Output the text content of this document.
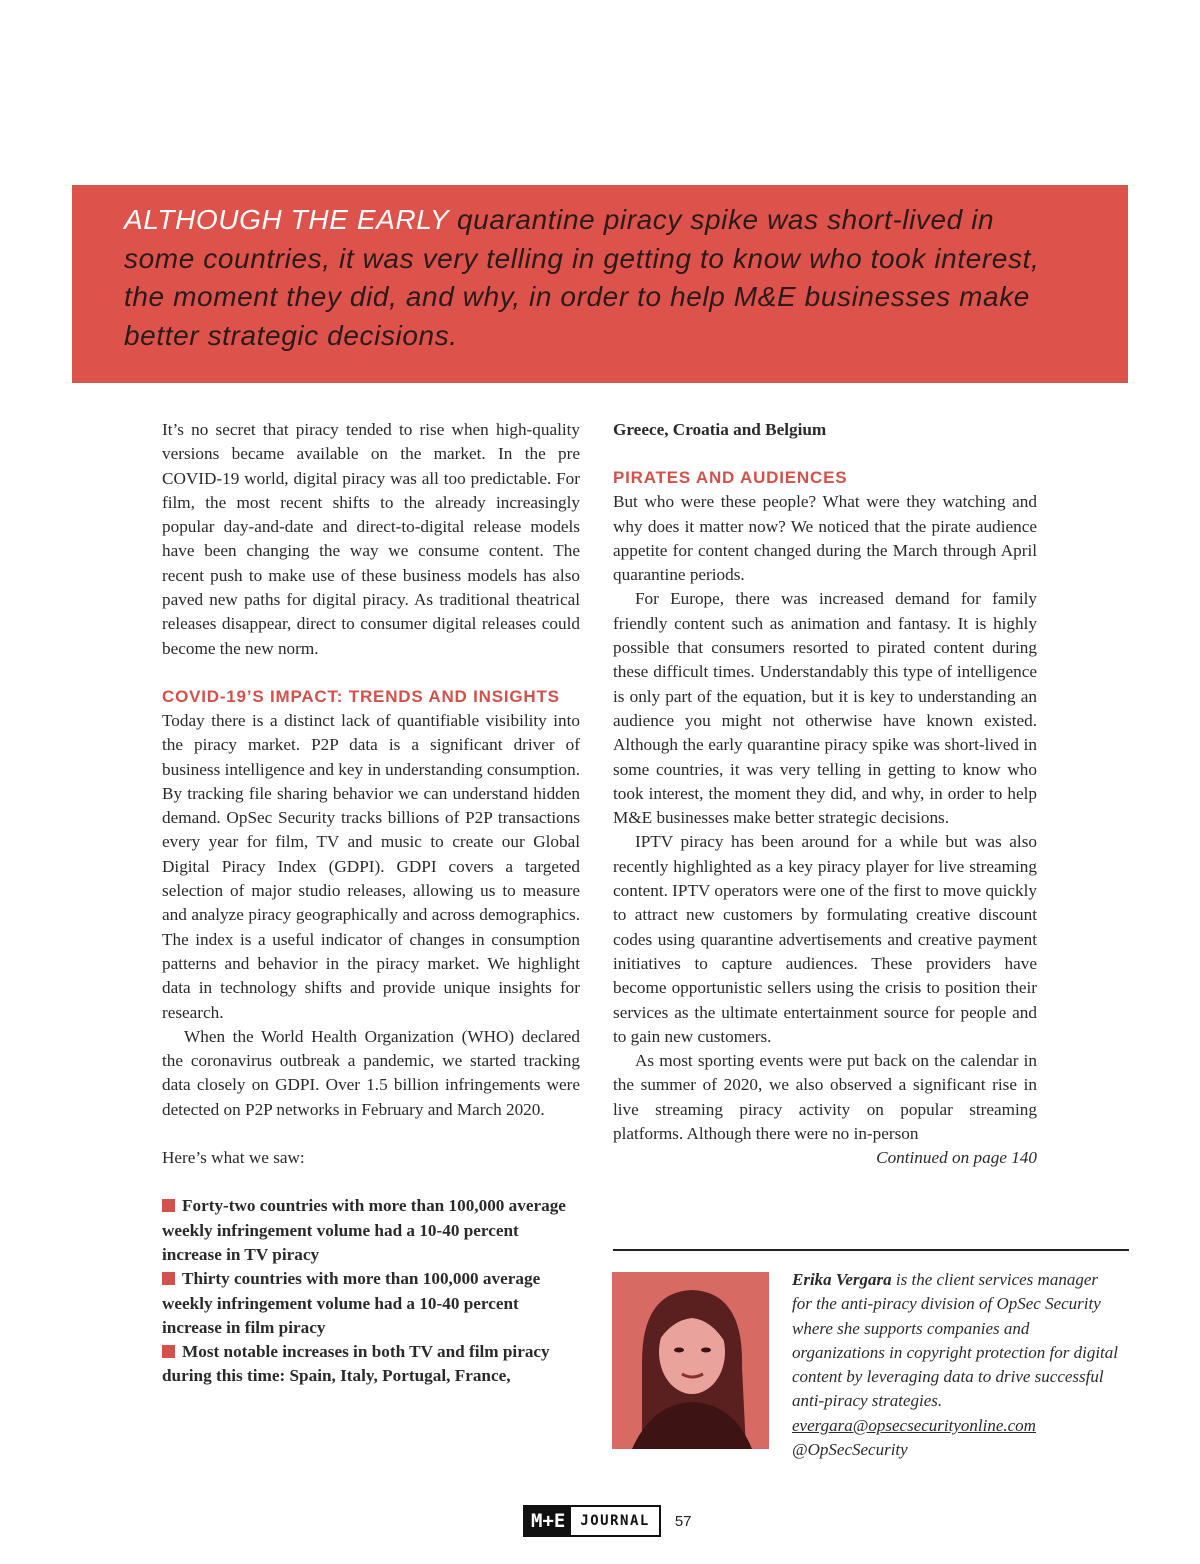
ALTHOUGH THE EARLY quarantine piracy spike was short-lived in some countries, it was very telling in getting to know who took interest, the moment they did, and why, in order to help M&E businesses make better strategic decisions.

It’s no secret that piracy tended to rise when high-quality versions became available on the market. In the pre COVID-19 world, digital piracy was all too predictable. For film, the most recent shifts to the already increasingly popular day-and-date and direct-to-digital release models have been changing the way we consume content. The recent push to make use of these business models has also paved new paths for digital piracy. As traditional theatrical releases disappear, direct to consumer digital releases could become the new norm.

COVID-19’S IMPACT: TRENDS AND INSIGHTS

Today there is a distinct lack of quantifiable visibility into the piracy market. P2P data is a significant driver of business intelligence and key in understanding consumption. By tracking file sharing behavior we can understand hidden demand. OpSec Security tracks billions of P2P transactions every year for film, TV and music to create our Global Digital Piracy Index (GDPI). GDPI covers a targeted selection of major studio releases, allowing us to measure and analyze piracy geographically and across demographics. The index is a useful indicator of changes in consumption patterns and behavior in the piracy market. We highlight data in technology shifts and provide unique insights for research.

When the World Health Organization (WHO) declared the coronavirus outbreak a pandemic, we started tracking data closely on GDPI. Over 1.5 billion infringements were detected on P2P networks in February and March 2020.

Here’s what we saw:

Forty-two countries with more than 100,000 average weekly infringement volume had a 10-40 percent increase in TV piracy

Thirty countries with more than 100,000 average weekly infringement volume had a 10-40 percent increase in film piracy

Most notable increases in both TV and film piracy during this time: Spain, Italy, Portugal, France,

Greece, Croatia and Belgium

PIRATES AND AUDIENCES

But who were these people? What were they watching and why does it matter now? We noticed that the pirate audience appetite for content changed during the March through April quarantine periods.

For Europe, there was increased demand for family friendly content such as animation and fantasy. It is highly possible that consumers resorted to pirated content during these difficult times. Understandably this type of intelligence is only part of the equation, but it is key to understanding an audience you might not otherwise have known existed. Although the early quarantine piracy spike was short-lived in some countries, it was very telling in getting to know who took interest, the moment they did, and why, in order to help M&E businesses make better strategic decisions.

IPTV piracy has been around for a while but was also recently highlighted as a key piracy player for live streaming content. IPTV operators were one of the first to move quickly to attract new customers by formulating creative discount codes using quarantine advertisements and creative payment initiatives to capture audiences. These providers have become opportunistic sellers using the crisis to position their services as the ultimate entertainment source for people and to gain new customers.

As most sporting events were put back on the calendar in the summer of 2020, we also observed a significant rise in live streaming piracy activity on popular streaming platforms. Although there were no in-person

Continued on page 140

Erika Vergara is the client services manager for the anti-piracy division of OpSec Security where she supports companies and organizations in copyright protection for digital content by leveraging data to drive successful anti-piracy strategies. evergara@opsecsecurityonline.com @OpSecSecurity

M+E	JOURNAL	57
